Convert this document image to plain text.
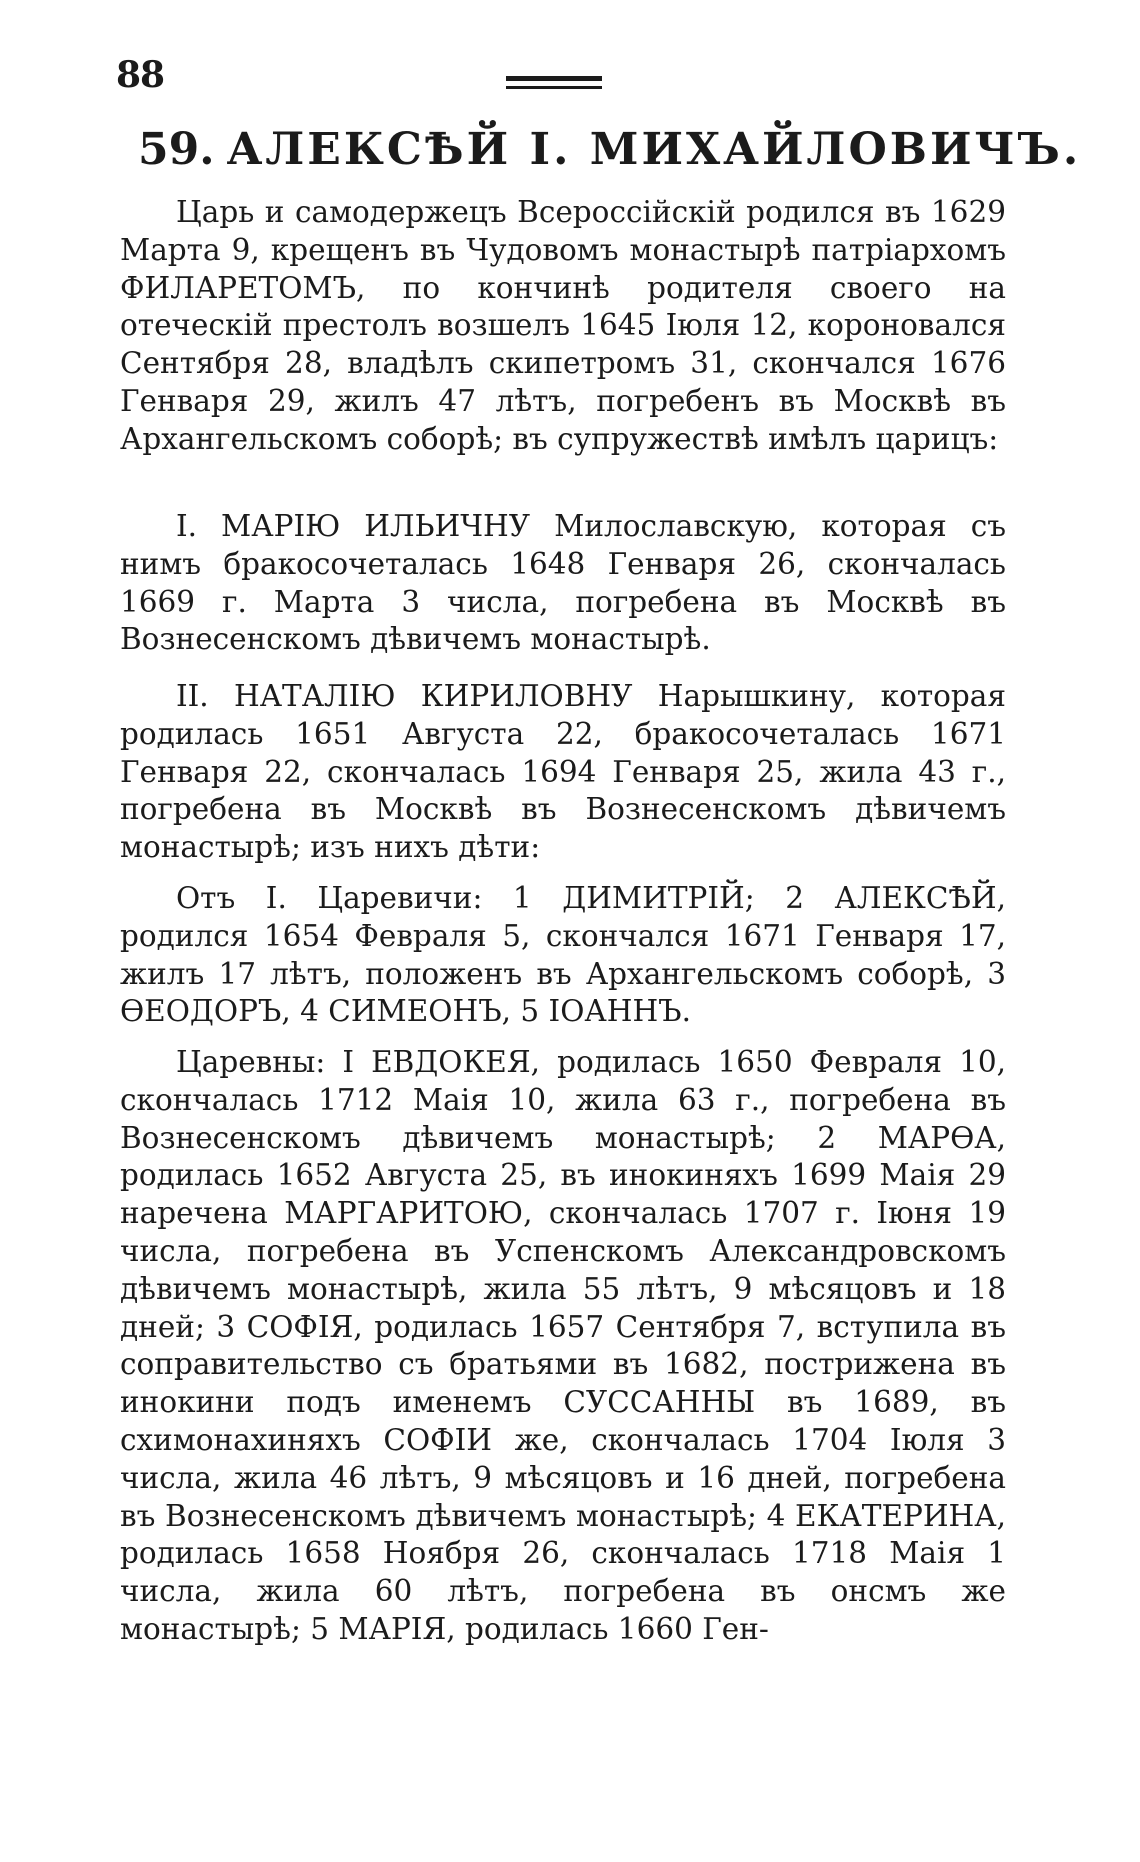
88
59. АЛЕКСѢЙ І. МИХАЙЛОВИЧЪ.

Царь и самодержецъ Всероссійскій родился въ 1629 Марта 9, крещенъ въ Чудовомъ монастырѣ патріархомъ ФИЛАРЕТОМЪ, по кончинѣ родителя своего на отеческій престолъ возшелъ 1645 Іюля 12, короновался Сентября 28, владѣлъ скипетромъ 31, скончался 1676 Генваря 29, жилъ 47 лѣтъ, погребенъ въ Москвѣ въ Архангельскомъ соборѣ; въ супружествѣ имѣлъ царицъ:

І. МАРІЮ ИЛЬИЧНУ Милославскую, которая съ нимъ бракосочеталась 1648 Генваря 26, скончалась 1669 г. Марта 3 числа, погребена въ Москвѣ въ Вознесенскомъ дѣвичемъ монастырѣ.

ІІ. НАТАЛІЮ КИРИЛОВНУ Нарышкину, которая родилась 1651 Августа 22, бракосочеталась 1671 Генваря 22, скончалась 1694 Генваря 25, жила 43 г., погребена въ Москвѣ въ Вознесенскомъ дѣвичемъ монастырѣ; изъ нихъ дѣти:

Отъ І. Царевичи: 1 ДИМИТРІЙ; 2 АЛЕКСѢЙ, родился 1654 Февраля 5, скончался 1671 Генваря 17, жилъ 17 лѣтъ, положенъ въ Архангельскомъ соборѣ, 3 ѲЕОДОРЪ, 4 СИМЕОНЪ, 5 ІОАННЪ.

Царевны: І ЕВДОКЕЯ, родилась 1650 Февраля 10, скончалась 1712 Маія 10, жила 63 г., погребена въ Вознесенскомъ дѣвичемъ монастырѣ; 2 МАРѲА, родилась 1652 Августа 25, въ инокиняхъ 1699 Маія 29 наречена МАРГАРИТОЮ, скончалась 1707 г. Іюня 19 числа, погребена въ Успенскомъ Александровскомъ дѣвичемъ монастырѣ, жила 55 лѣтъ, 9 мѣсяцовъ и 18 дней; 3 СОФІЯ, родилась 1657 Сентября 7, вступила въ соправительство съ братьями въ 1682, пострижена въ инокини подъ именемъ СУССАННЫ въ 1689, въ схимонахиняхъ СОФІИ же, скончалась 1704 Іюля 3 числа, жила 46 лѣтъ, 9 мѣсяцовъ и 16 дней, погребена въ Вознесенскомъ дѣвичемъ монастырѣ; 4 ЕКАТЕРИНА, родилась 1658 Ноября 26, скончалась 1718 Маія 1 числа, жила 60 лѣтъ, погребена въ онсмъ же монастырѣ; 5 МАРІЯ, родилась 1660 Ген-
